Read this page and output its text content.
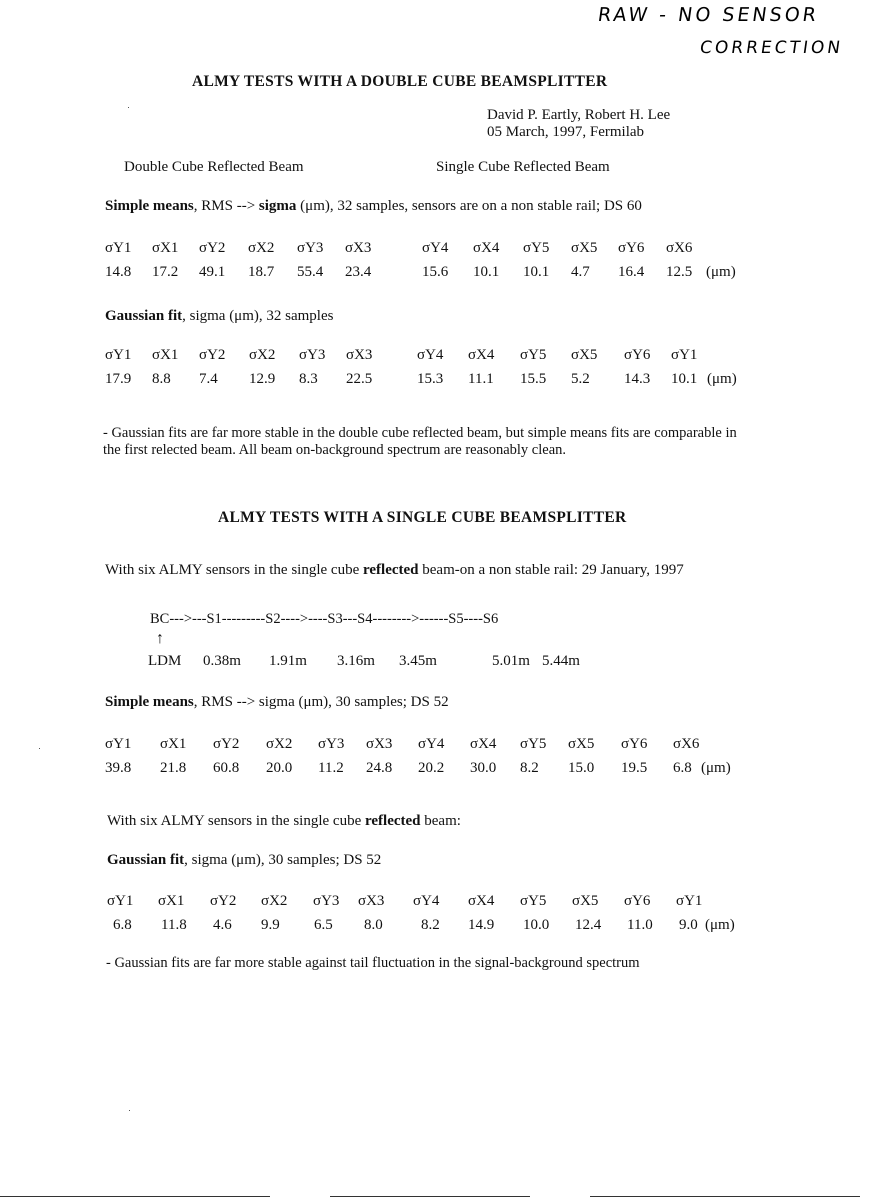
RAW - NO SENSOR
CORRECTION
ALMY TESTS WITH A DOUBLE CUBE BEAMSPLITTER
David P. Eartly, Robert H. Lee
05 March, 1997, Fermilab
Double Cube Reflected Beam	Single Cube Reflected Beam
Simple means, RMS --> sigma (μm), 32 samples, sensors are on a non stable rail; DS 60
σY1	σX1	σY2	σX2	σY3	σX3	σY4	σX4	σY5	σX5	σY6	σX6
14.8	17.2	49.1	18.7	55.4	23.4	15.6	10.1	10.1	4.7	16.4	12.5 (μm)
Gaussian fit, sigma (μm), 32 samples
σY1	σX1	σY2	σX2	σY3	σX3	σY4	σX4	σY5	σX5	σY6	σY1
17.9	8.8	7.4	12.9	8.3	22.5	15.3	11.1	15.5	5.2	14.3	10.1 (μm)
- Gaussian fits are far more stable in the double cube reflected beam, but simple means fits are comparable in the first relected beam. All beam on-background spectrum are reasonably clean.
ALMY TESTS WITH A SINGLE CUBE BEAMSPLITTER
With six ALMY sensors in the single cube reflected beam-on a non stable rail: 29 January, 1997
BC--->---S1---------S2---->----S3---S4-------->------S5----S6
↑
LDM	0.38m	1.91m	3.16m	3.45m	5.01m 5.44m
Simple means, RMS --> sigma (μm), 30 samples; DS 52
σY1	σX1	σY2	σX2	σY3	σX3	σY4	σX4	σY5	σX5	σY6	σX6
39.8	21.8	60.8	20.0	11.2	24.8	20.2	30.0	8.2	15.0	19.5	6.8 (μm)
With six ALMY sensors in the single cube reflected beam:
Gaussian fit, sigma (μm), 30 samples; DS 52
σY1	σX1	σY2	σX2	σY3	σX3	σY4	σX4	σY5	σX5	σY6	σY1
6.8	11.8	4.6	9.9	6.5	8.0	8.2	14.9	10.0	12.4	11.0	9.0 (μm)
- Gaussian fits are far more stable against tail fluctuation in the signal-background spectrum
